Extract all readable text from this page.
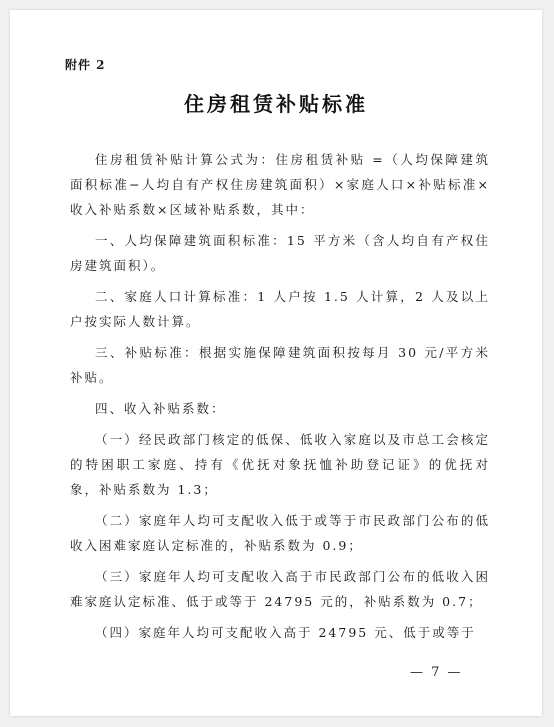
附件 2
住房租赁补贴标准

住房租赁补贴计算公式为：住房租赁补贴 =（人均保障建筑面积标准−人均自有产权住房建筑面积）×家庭人口×补贴标准×收入补贴系数×区域补贴系数，其中：

一、人均保障建筑面积标准：15 平方米（含人均自有产权住房建筑面积）。

二、家庭人口计算标准：1 人户按 1.5 人计算，2 人及以上户按实际人数计算。

三、补贴标准：根据实施保障建筑面积按每月 30 元/平方米补贴。

四、收入补贴系数：

（一）经民政部门核定的低保、低收入家庭以及市总工会核定的特困职工家庭、持有《优抚对象抚恤补助登记证》的优抚对象，补贴系数为 1.3；

（二）家庭年人均可支配收入低于或等于市民政部门公布的低收入困难家庭认定标准的，补贴系数为 0.9；

（三）家庭年人均可支配收入高于市民政部门公布的低收入困难家庭认定标准、低于或等于 24795 元的，补贴系数为 0.7；

（四）家庭年人均可支配收入高于 24795 元、低于或等于

— 7 —
